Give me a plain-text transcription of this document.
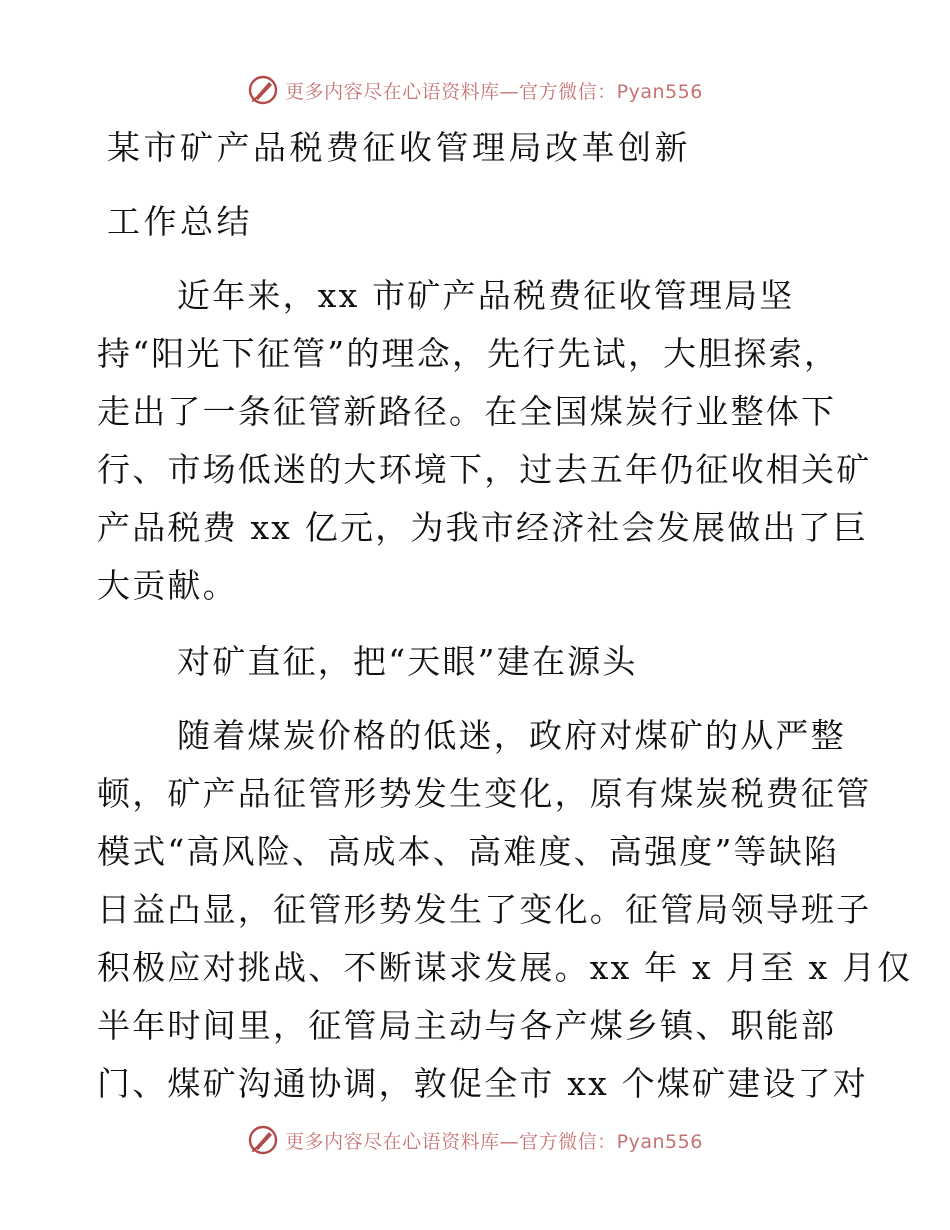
更多内容尽在心语资料库—官方微信：Pyan556
某市矿产品税费征收管理局改革创新
工作总结
近年来，xx 市矿产品税费征收管理局坚
持“阳光下征管”的理念，先行先试，大胆探索，
走出了一条征管新路径。在全国煤炭行业整体下
行、市场低迷的大环境下，过去五年仍征收相关矿
产品税费 xx 亿元，为我市经济社会发展做出了巨
大贡献。
对矿直征，把“天眼”建在源头
随着煤炭价格的低迷，政府对煤矿的从严整
顿，矿产品征管形势发生变化，原有煤炭税费征管
模式“高风险、高成本、高难度、高强度”等缺陷
日益凸显，征管形势发生了变化。征管局领导班子
积极应对挑战、不断谋求发展。xx 年 x 月至 x 月仅
半年时间里，征管局主动与各产煤乡镇、职能部
门、煤矿沟通协调，敦促全市 xx 个煤矿建设了对
更多内容尽在心语资料库—官方微信：Pyan556
